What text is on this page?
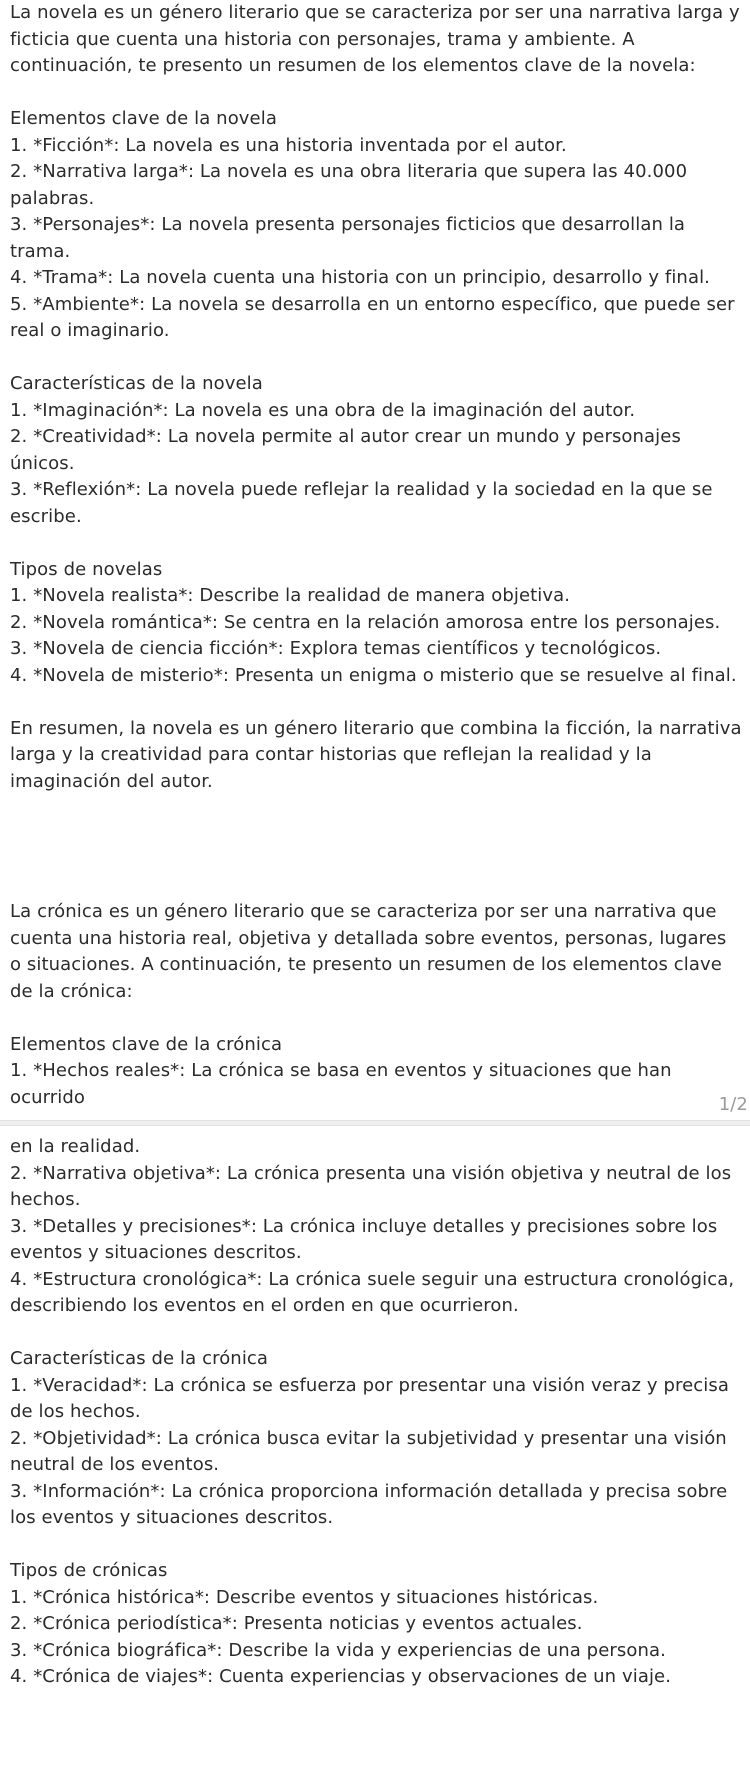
La novela es un género literario que se caracteriza por ser una narrativa larga y ficticia que cuenta una historia con personajes, trama y ambiente. A continuación, te presento un resumen de los elementos clave de la novela:

Elementos clave de la novela

1. *Ficción*: La novela es una historia inventada por el autor.

2. *Narrativa larga*: La novela es una obra literaria que supera las 40.000 palabras.

3. *Personajes*: La novela presenta personajes ficticios que desarrollan la trama.

4. *Trama*: La novela cuenta una historia con un principio, desarrollo y final.

5. *Ambiente*: La novela se desarrolla en un entorno específico, que puede ser real o imaginario.

Características de la novela

1. *Imaginación*: La novela es una obra de la imaginación del autor.

2. *Creatividad*: La novela permite al autor crear un mundo y personajes únicos.

3. *Reflexión*: La novela puede reflejar la realidad y la sociedad en la que se escribe.

Tipos de novelas

1. *Novela realista*: Describe la realidad de manera objetiva.

2. *Novela romántica*: Se centra en la relación amorosa entre los personajes.

3. *Novela de ciencia ficción*: Explora temas científicos y tecnológicos.

4. *Novela de misterio*: Presenta un enigma o misterio que se resuelve al final.

En resumen, la novela es un género literario que combina la ficción, la narrativa larga y la creatividad para contar historias que reflejan la realidad y la imaginación del autor.

La crónica es un género literario que se caracteriza por ser una narrativa que cuenta una historia real, objetiva y detallada sobre eventos, personas, lugares o situaciones. A continuación, te presento un resumen de los elementos clave de la crónica:

Elementos clave de la crónica

1. *Hechos reales*: La crónica se basa en eventos y situaciones que han ocurrido	1/2

en la realidad.

2. *Narrativa objetiva*: La crónica presenta una visión objetiva y neutral de los hechos.

3. *Detalles y precisiones*: La crónica incluye detalles y precisiones sobre los eventos y situaciones descritos.

4. *Estructura cronológica*: La crónica suele seguir una estructura cronológica, describiendo los eventos en el orden en que ocurrieron.

Características de la crónica

1. *Veracidad*: La crónica se esfuerza por presentar una visión veraz y precisa de los hechos.

2. *Objetividad*: La crónica busca evitar la subjetividad y presentar una visión neutral de los eventos.

3. *Información*: La crónica proporciona información detallada y precisa sobre los eventos y situaciones descritos.

Tipos de crónicas

1. *Crónica histórica*: Describe eventos y situaciones históricas.

2. *Crónica periodística*: Presenta noticias y eventos actuales.

3. *Crónica biográfica*: Describe la vida y experiencias de una persona.

4. *Crónica de viajes*: Cuenta experiencias y observaciones de un viaje.
